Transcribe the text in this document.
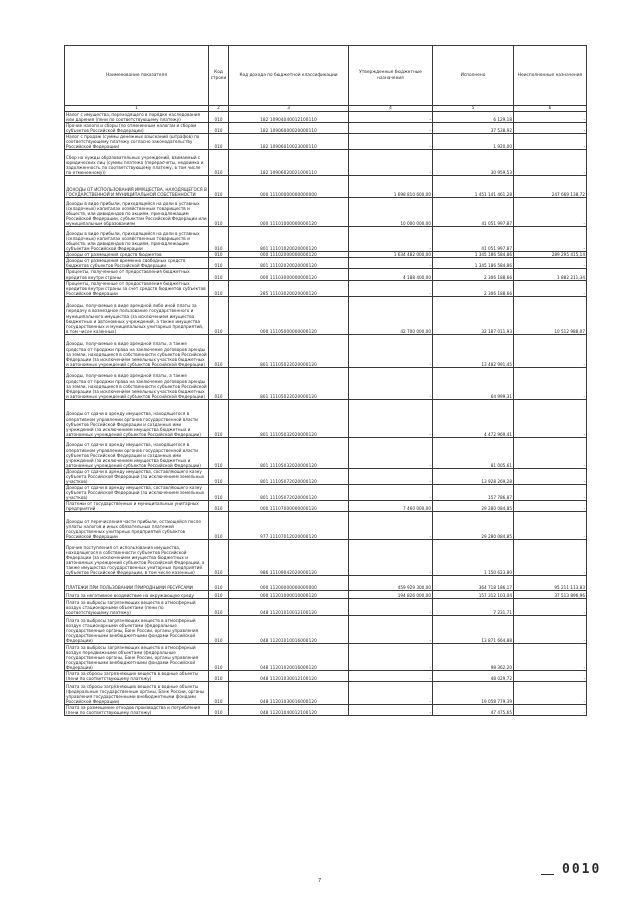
Наименование показателя	Код строки	Код дохода по бюджетной классификации	Утвержденные бюджетные назначения	Исполнено	Неисполненные назначения
1	2	3	4	5	6
Налог с имущества, переходящего в порядке наследования или дарения (пени по соответствующему платежу)	010	182 10904040012100110	-	6 129,18	-
Прочие налоги и сборы (по отмененным налогам и сборам субъектов Российской Федерации)	010	182 10906000020000110	-	37 538,92	-
Налог с продаж (суммы денежных взысканий (штрафов) по соответствующему платежу согласно законодательству Российской Федерации)	010	182 10906010023000110	-	1 920,00	-
Сбор на нужды образовательных учреждений, взимаемый с юридических лиц (суммы платежа (перерасчеты, недоимка и задолженность по соответствующему платежу, в том числе по отмененному))	010	182 10906020021000110	-	30 959,53	-
ДОХОДЫ ОТ ИСПОЛЬЗОВАНИЯ ИМУЩЕСТВА, НАХОДЯЩЕГОСЯ В ГОСУДАРСТВЕННОЙ И МУНИЦИПАЛЬНОЙ СОБСТВЕННОСТИ	010	000 11100000000000000	1 698 810 600,00	1 451 141 461,28	247 669 138,72
Доходы в виде прибыли, приходящейся на доли в уставных (складочных) капиталах хозяйственных товариществ и обществ, или дивидендов по акциям, принадлежащим Российской Федерации, субъектам Российской Федерации или муниципальным образованиям	010	000 11101000000000120	10 000 000,00	41 051 997,87	-
Доходы в виде прибыли, приходящейся на доли в уставных (складочных) капиталах хозяйственных товариществ и обществ, или дивидендов по акциям, принадлежащим субъектам Российской Федерации	010	801 11101020020000120	-	41 051 997,87	-
Доходы от размещения средств бюджетов	010	000 11102000000000120	1 634 482 000,00	1 345 186 584,86	289 295 415,14
Доходы от размещения временно свободных средств бюджетов субъектов Российской Федерации	010	801 11102020020000120	-	1 345 186 584,86	-
Проценты, полученные от предоставления бюджетных кредитов внутри страны	010	000 11103000000000120	4 188 400,00	2 306 188,66	1 882 211,34
Проценты, полученные от предоставления бюджетных кредитов внутри страны за счет средств бюджетов субъектов Российской Федерации	010	285 11103020020000120	-	2 306 188,66	-
Доходы, получаемые в виде арендной либо иной платы за передачу в возмездное пользование государственного и муниципального имущества (за исключением имущества бюджетных и автономных учреждений, а также имущества государственных и муниципальных унитарных предприятий, в том числе казенных)	010	000 11105000000000120	42 700 000,00	32 187 011,93	10 512 988,07
Доходы, получаемые в виде арендной платы, а также средства от продажи права на заключение договоров аренды за земли, находящиеся в собственности субъектов Российской Федерации (за исключением земельных участков бюджетных и автономных учреждений субъектов Российской Федерации)	010	801 11105022020000120	-	13 482 991,45	-
Доходы, получаемые в виде арендной платы, а также средства от продажи права на заключение договоров аренды за земли, находящиеся в собственности субъектов Российской Федерации (за исключением земельных участков бюджетных и автономных учреждений субъектов Российской Федерации)	010	801 11105022020000120	-	64 999,31	-
Доходы от сдачи в аренду имущества, находящегося в оперативном управлении органов государственной власти субъектов Российской Федерации и созданных ими учреждений (за исключением имущества бюджетных и автономных учреждений субъектов Российской Федерации)	010	801 11105032020000120	-	4 472 969,41	-
Доходы от сдачи в аренду имущества, находящегося в оперативном управлении органов государственной власти субъектов Российской Федерации и созданных ими учреждений (за исключением имущества бюджетных и автономных учреждений субъектов Российской Федерации)	010	801 11105032020000120	-	81 005,61	-
Доходы от сдачи в аренду имущества, составляющего казну субъекта Российской Федерации (за исключением земельных участков)	010	801 11105072020000120	-	13 928 269,28	-
Доходы от сдачи в аренду имущества, составляющего казну субъекта Российской Федерации (за исключением земельных участков)	010	801 11105072020000120	-	157 786,87	-
Платежи от государственных и муниципальных унитарных предприятий	010	000 11107000000000120	7 460 000,00	29 280 084,85	-
Доходы от перечисления части прибыли, остающейся после уплаты налогов и иных обязательных платежей государственных унитарных предприятий субъектов Российской Федерации	010	977 11107012020000120	-	29 280 084,85	-
Прочие поступления от использования имущества, находящегося в собственности субъектов Российской Федерации (за исключением имущества бюджетных и автономных учреждений субъектов Российской Федерации, а также имущества государственных унитарных предприятий субъектов Российской Федерации, в том числе казенных)	010	986 11109042020000120	-	1 150 623,80	-
ПЛАТЕЖИ ПРИ ПОЛЬЗОВАНИИ ПРИРОДНЫМИ РЕСУРСАМИ	010	000 11200000000000000	459 929 300,00	364 718 186,17	95 211 113,83
Плата за негативное воздействие на окружающую среду	010	000 11201000010000120	194 826 000,00	157 312 103,04	37 513 896,96
Плата за выбросы загрязняющих веществ в атмосферный воздух стационарными объектами (пени по соответствующему платежу)	010	048 11201010012100120	-	7 231,71	-
Плата за выбросы загрязняющих веществ в атмосферный воздух стационарными объектами (федеральные государственные органы, Банк России, органы управления государственными внебюджетными фондами Российской Федерации)	010	048 11201010016000120	-	13 871 664,88	-
Плата за выбросы загрязняющих веществ в атмосферный воздух передвижными объектами (федеральные государственные органы, Банк России, органы управления государственными внебюджетными фондами Российской Федерации)	010	048 11201020016000120	-	98 362,20	-
Плата за сбросы загрязняющих веществ в водные объекты (пени по соответствующему платежу)	010	048 11201030012100120	-	48 029,72	-
Плата за сбросы загрязняющих веществ в водные объекты (федеральные государственные органы, Банк России, органы управления государственными внебюджетными фондами Российской Федерации)	010	048 11201030016000120	-	19 058 779,39	-
Плата за размещение отходов производства и потребления (пени по соответствующему платежу)	010	048 11201040012100120	-	47 475,65	-
7
0010
